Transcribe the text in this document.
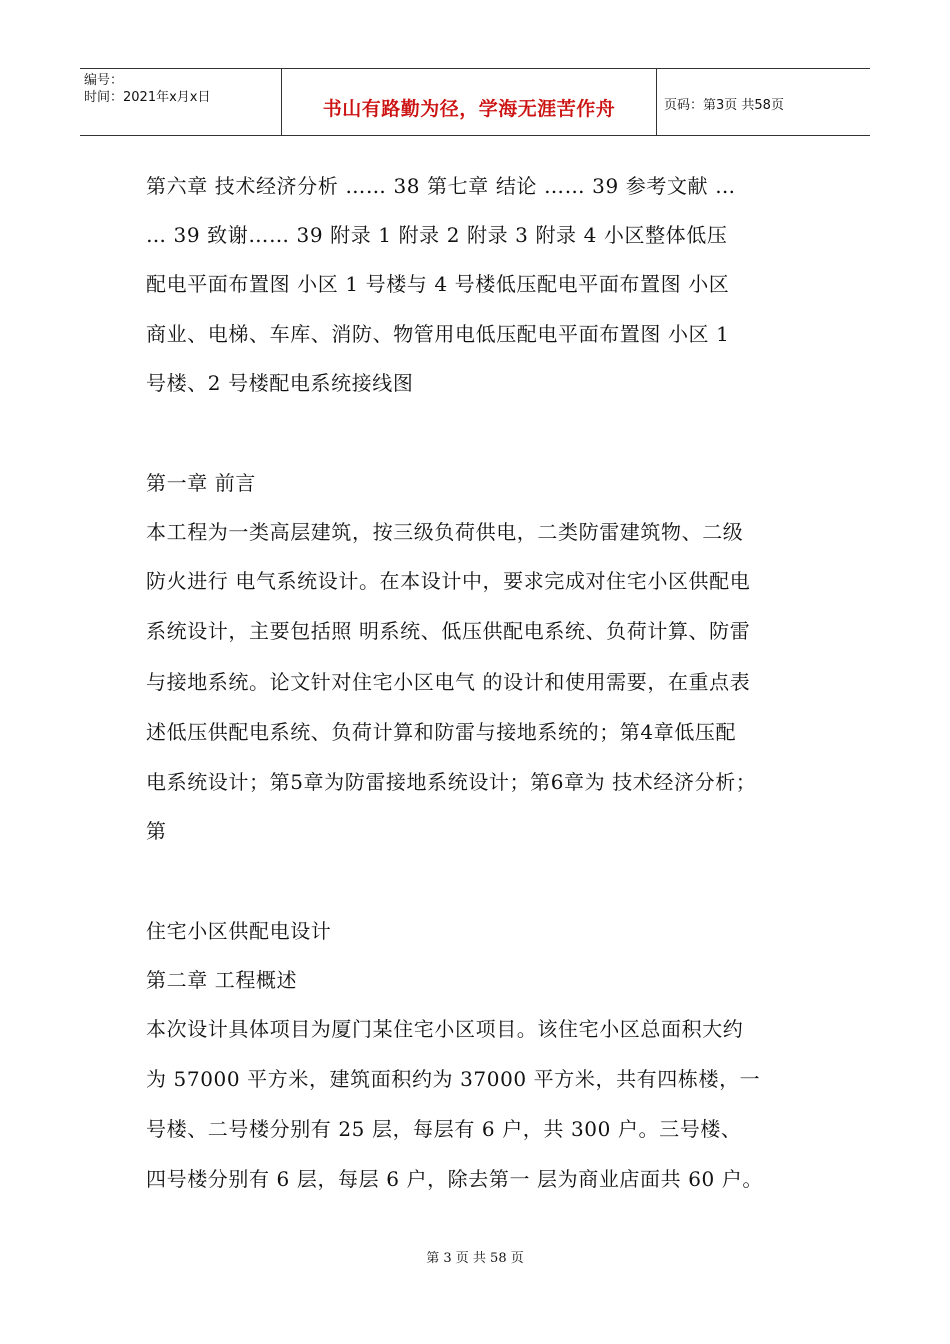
编号：
时间：2021年x月x日
书山有路勤为径，学海无涯苦作舟	页码：第3页 共58页
第六章 技术经济分析 …… 38 第七章 结论 …… 39 参考文献 …
… 39 致谢…… 39 附录 1 附录 2 附录 3 附录 4 小区整体低压
配电平面布置图 小区 1 号楼与 4 号楼低压配电平面布置图 小区
商业、电梯、车库、消防、物管用电低压配电平面布置图 小区 1
号楼、2 号楼配电系统接线图
第一章 前言
本工程为一类高层建筑，按三级负荷供电，二类防雷建筑物、二级
防火进行 电气系统设计。在本设计中，要求完成对住宅小区供配电
系统设计，主要包括照 明系统、低压供配电系统、负荷计算、防雷
与接地系统。论文针对住宅小区电气 的设计和使用需要，在重点表
述低压供配电系统、负荷计算和防雷与接地系统的；第4章低压配
电系统设计；第5章为防雷接地系统设计；第6章为 技术经济分析；
第
住宅小区供配电设计
第二章 工程概述
本次设计具体项目为厦门某住宅小区项目。该住宅小区总面积大约
为 57000 平方米，建筑面积约为 37000 平方米，共有四栋楼，一
号楼、二号楼分别有 25 层，每层有 6 户，共 300 户。三号楼、
四号楼分别有 6 层，每层 6 户，除去第一 层为商业店面共 60 户。
第 3 页 共 58 页
